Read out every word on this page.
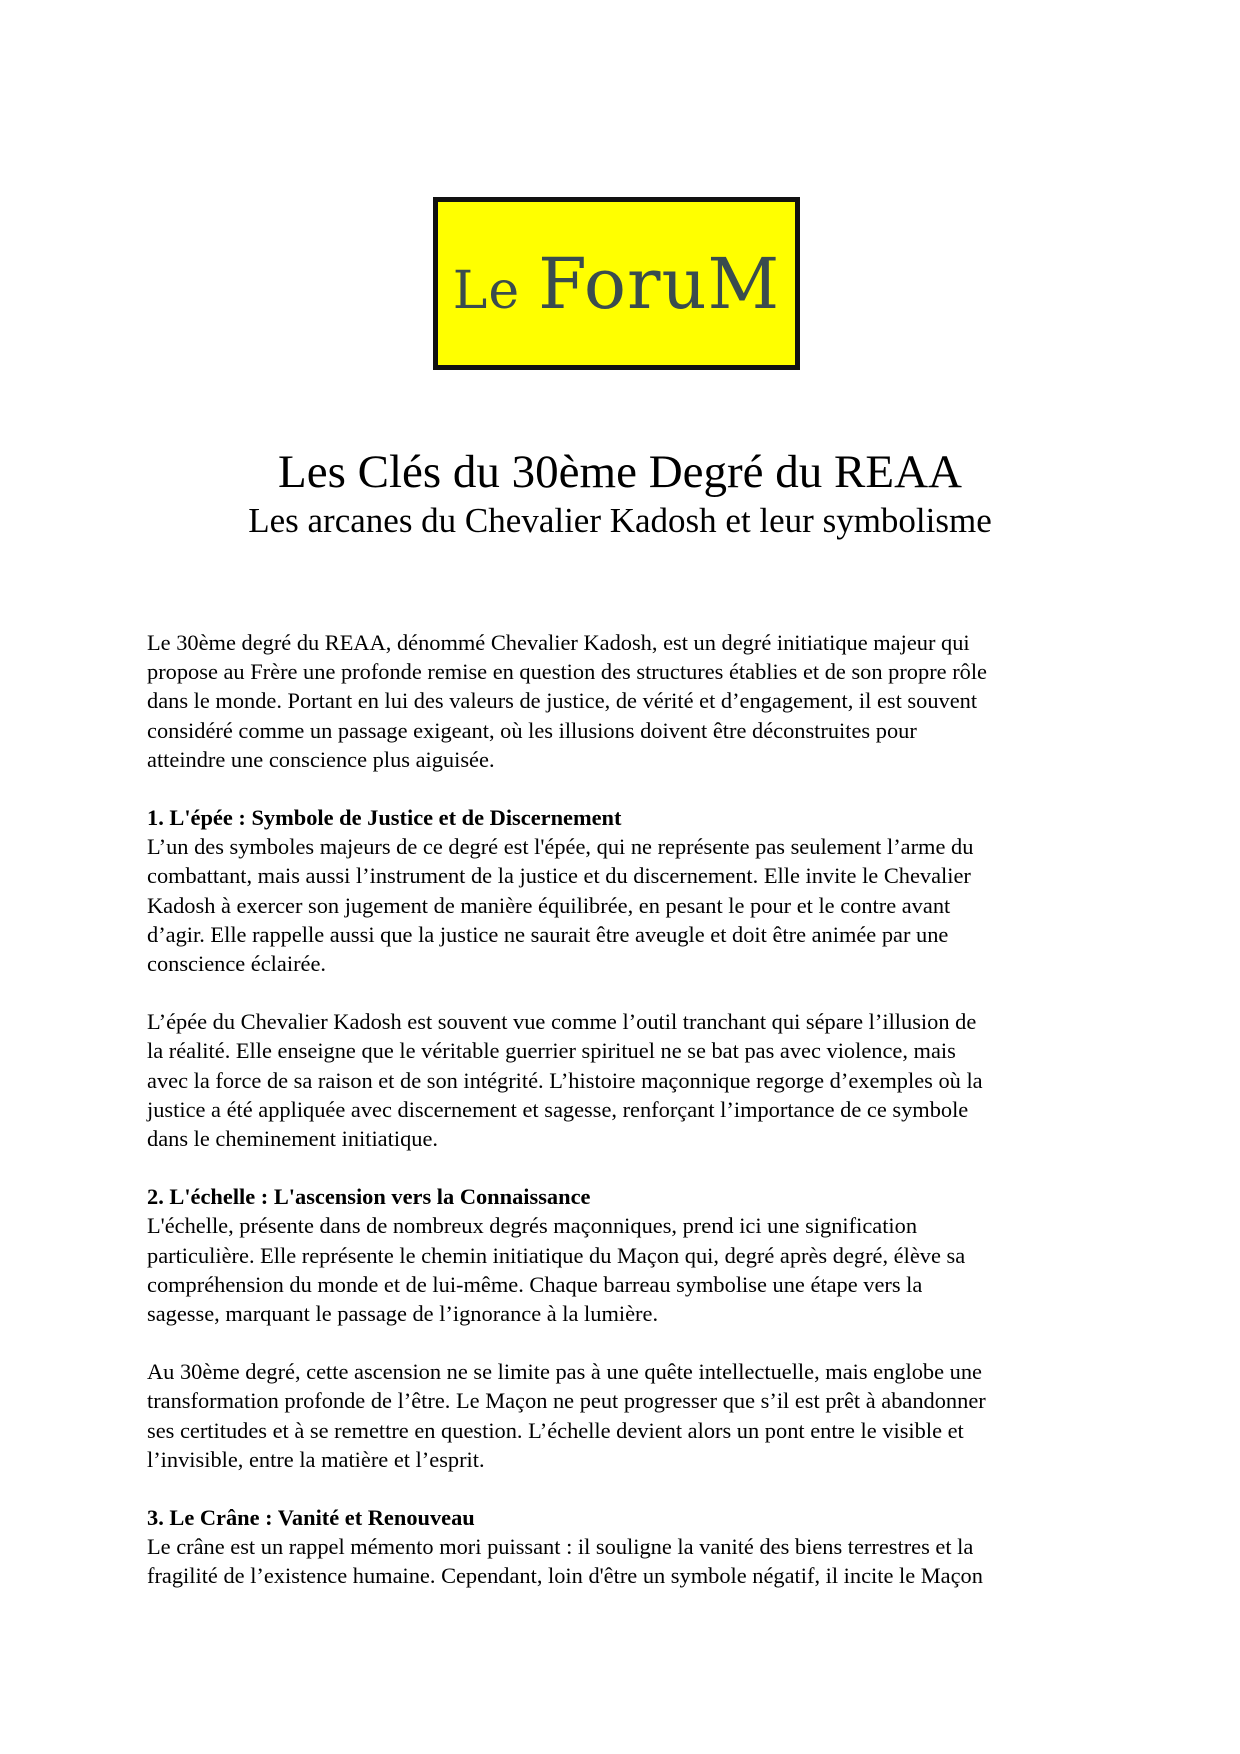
Le ForuM
Les Clés du 30ème Degré du REAA
Les arcanes du Chevalier Kadosh et leur symbolisme

Le 30ème degré du REAA, dénommé Chevalier Kadosh, est un degré initiatique majeur qui
propose au Frère une profonde remise en question des structures établies et de son propre rôle
dans le monde. Portant en lui des valeurs de justice, de vérité et d’engagement, il est souvent
considéré comme un passage exigeant, où les illusions doivent être déconstruites pour
atteindre une conscience plus aiguisée.

1. L'épée : Symbole de Justice et de Discernement

L’un des symboles majeurs de ce degré est l'épée, qui ne représente pas seulement l’arme du
combattant, mais aussi l’instrument de la justice et du discernement. Elle invite le Chevalier
Kadosh à exercer son jugement de manière équilibrée, en pesant le pour et le contre avant
d’agir. Elle rappelle aussi que la justice ne saurait être aveugle et doit être animée par une
conscience éclairée.

L’épée du Chevalier Kadosh est souvent vue comme l’outil tranchant qui sépare l’illusion de
la réalité. Elle enseigne que le véritable guerrier spirituel ne se bat pas avec violence, mais
avec la force de sa raison et de son intégrité. L’histoire maçonnique regorge d’exemples où la
justice a été appliquée avec discernement et sagesse, renforçant l’importance de ce symbole
dans le cheminement initiatique.

2. L'échelle : L'ascension vers la Connaissance

L'échelle, présente dans de nombreux degrés maçonniques, prend ici une signification
particulière. Elle représente le chemin initiatique du Maçon qui, degré après degré, élève sa
compréhension du monde et de lui-même. Chaque barreau symbolise une étape vers la
sagesse, marquant le passage de l’ignorance à la lumière.

Au 30ème degré, cette ascension ne se limite pas à une quête intellectuelle, mais englobe une
transformation profonde de l’être. Le Maçon ne peut progresser que s’il est prêt à abandonner
ses certitudes et à se remettre en question. L’échelle devient alors un pont entre le visible et
l’invisible, entre la matière et l’esprit.

3. Le Crâne : Vanité et Renouveau

Le crâne est un rappel mémento mori puissant : il souligne la vanité des biens terrestres et la
fragilité de l’existence humaine. Cependant, loin d'être un symbole négatif, il incite le Maçon
